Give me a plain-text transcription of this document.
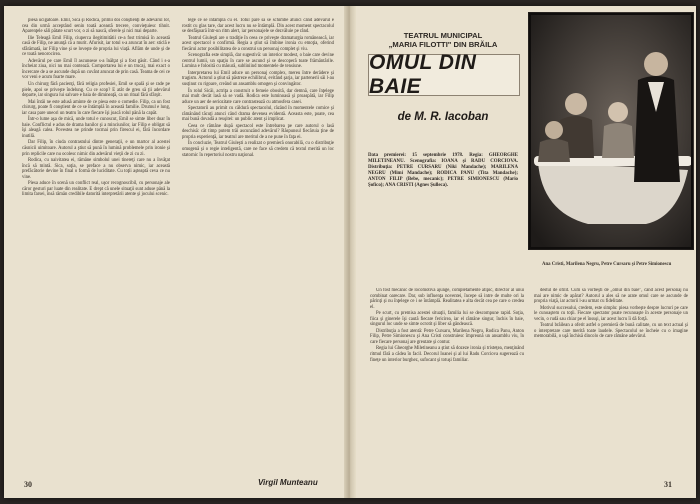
piesă ucigătoare. Emil, Sica şi Rodica, primii doi conştienţi de adevărul lor, cea din urmă acceptând senin toată această trecere, convieţuiesc tihnit. Aparenţele săli pătate scurt vor, o zi să nască, sferele şi nici mai departe.

Ilie Teleagă Emil Filip, ciuperca ilegitimitătii ce-a fost trimisă în această casă de Filip, ne anunţă că a murit. Afurisit, iar totul s-a aruncat în aer: sticlă e sfărâmată, iar Filip vine şi se loveşte de propria lui viaţă. Aflăm de unde şi de ce toată nenorocirea.

Adevărul pe care Emil îl ascunsese s-a înălţat şi a fost găsit. Când i s-a încheiat ziua, nici nu mai contează. Comportarea lui e un trucaj, mai exact o încercare de a se ascunde după un cuvânt aruncat de prin casă. Teama de cei ce vor veni e acum foarte mare.

Un chirurg fără pacienţi, fără religia profesiei, Emil se spală şi se rade pe piele, apoi se priveşte îndelung. Cu ce scop? E atât de greu să ţii adevărul departe, iar singura lui salvare e baia de dimineaţă, ca un ritual fără sfârşit.

Mai întâi ne este adusă aminte de ce piesa este o comedie. Filip, ca un fost chirurg, poate fi conştient de ce se întâmplă în această familie. Drumul e lung, iar casa pare uneori un teatru în care fiecare îşi joacă rolul până la capăt.

Într-o lume aşa de mică, unde totul e cunoscut, Emil se simte liber doar în baie. Conflictul e adus de drama banilor şi a minciunilor, iar Filip e obligat să îşi aleagă calea. Povestea ne prinde tocmai prin firescul ei, fără încordare inutilă.

Dar Filip, în ciuda contrastului dintre generaţii, e un martor al acestei căsnicii uimitoare. Autorul a ştiut să pună în lumină problemele prin ironie şi prin replicile care nu ocolesc nimic din adevărul vieţii de zi cu zi.

Rodica, cu naivitatea ei, rămâne simbolul unei tinereţi care nu a învăţat încă să mintă. Sica, soţia, se preface a nu observa nimic, iar această prefăcătorie devine în final o formă de luciditate. Cu toţii aşteaptă ceva ce nu vine.

Piesa aduce în scenă un conflict real, uşor recognoscibil, cu personaje ale căror gesturi par luate din realitate. E drept că unele situaţii sunt aduse până la limita farsei, însă rămân credibile datorită interpretării atente şi jocului scenic.

lege ce se întâmplă cu el. Totul pare să se schimbe atunci când adevărul e rostit cu glas tare, dar acest lucru nu se întâmplă. Din acest moment spectacolul se desfăşoară într-un ritm alert, iar personajele se dezvăluie pe rând.

Teatrul Giuleşti are o tradiţie în ceea ce priveşte dramaturgia românească, iar acest spectacol o confirmă. Regia a ştiut să îmbine ironia cu emoţia, oferind fiecărui actor posibilitatea de a construi un personaj complet şi viu.

Scenografia este simplă, dar sugestivă: un interior modest, o baie care devine centrul lumii, un spaţiu în care se ascund şi se descoperă toate frământările. Lumina e folosită cu măsură, subliniind momentele de tensiune.

Interpretarea lui Emil aduce un personaj complex, mereu între derâdere şi tragism. Actorul a ştiut să păstreze echilibrul, evitând şarja, iar partenerii săi l-au susţinut cu rigoare, creând un ansamblu omogen şi convingător.

În rolul Sicăi, actriţa a construit o femeie obosită, dar demnă, care înţelege mai mult decât lasă să se vadă. Rodica este luminoasă şi proaspătă, iar Filip aduce un aer de seriozitate care contrastează cu atmosfera casei.

Spectatorii au primit cu căldură spectacolul, râzând în momentele comice şi rămânând tăcuţi atunci când drama devenea evidentă. Aceasta este, poate, cea mai bună dovadă a reuşitei: un public atent şi implicat.

Ceea ce rămâne după spectacol este întrebarea pe care autorul o lasă deschisă: cât timp putem trăi ascunzând adevărul? Răspunsul fiecăruia ţine de propria experienţă, iar teatrul are meritul de a ne pune în faţa ei.

În concluzie, Teatrul Giuleşti a realizat o premieră onorabilă, cu o distribuţie omogenă şi o regie inteligentă, care ne face să credem că textul merită un loc statornic în repertoriul nostru naţional.

Virgil Munteanu
30
TEATRUL MUNICIPAL
„MARIA FILOTTI" DIN BRĂILA
OMUL DIN BAIE
de M. R. Iacoban
Data premierei: 15 septembrie 1978. Regia: GHEORGHE MILETINEANU. Scenografia: IOANA şi RADU CORCIOVA. Distribuţia: PETRE CURSARU (Niki Mandache); MARILENA NEGRU (Mimi Mandache); RODICA PANU (Tita Mandache); ANTON FILIP (Bebe, mecanic); PETRE SIMIONESCU (Mario Şofico); ANA CRISTI (Agnes Şulleca).
Ana Cristi, Marilena Negru, Petre Cursaru şi Petre Simionescu

Un fost mecanic de locomotivă ajunge, completamente atipic, director al unui combinat oarecare. Dar, sub influenţa noventei, începe să intre de multe ori la părinţi şi nu înţelege ce i se întâmplă. Realitatea e alta decât cea pe care o credea el.

Pe scurt, cu premisa acestei situaţii, familia lui se descompune rapid. Soţia, fiica şi ginerele îşi caută fiecare fericirea, iar el rămâne singur, închis în baie, singurul loc unde se simte ocrotit şi liber să gândească.

Distribuţia a fost atentă: Petre Cursaru, Marilena Negru, Rodica Panu, Anton Filip, Petre Simionescu şi Ana Cristi construiesc împreună un ansamblu viu, în care fiecare personaj are greutate şi contur.

Regia lui Gheorghe Miletineanu a ştiut să dozeze ironia şi tristeţea, menţinând ritmul fără a cădea în facil. Decorul Ioanei şi al lui Radu Corciova sugerează cu fineţe un interior burghez, sufocant şi totuşi familiar.

destul de ofilit. Cum să vorbeşti de „omul din baie", când acest personaj nu mai are nimic de apărat? Autorul a ales să ne arate omul care se ascunde de propria viaţă, iar actorii l-au urmat cu fidelitate.

Motivul succesului, credem, este simplu: piesa vorbeşte despre lucruri pe care le cunoaştem cu toţii. Fiecare spectator poate recunoaşte în aceste personaje un vecin, o rudă sau chiar pe el însuşi, iar acest lucru îi dă forţă.

Teatrul brăilean a oferit astfel o premieră de bună calitate, cu un text actual şi o interpretare care merită toate laudele. Spectacolul se încheie cu o imagine memorabilă, o uşă închisă dincolo de care rămâne adevărul.

31
